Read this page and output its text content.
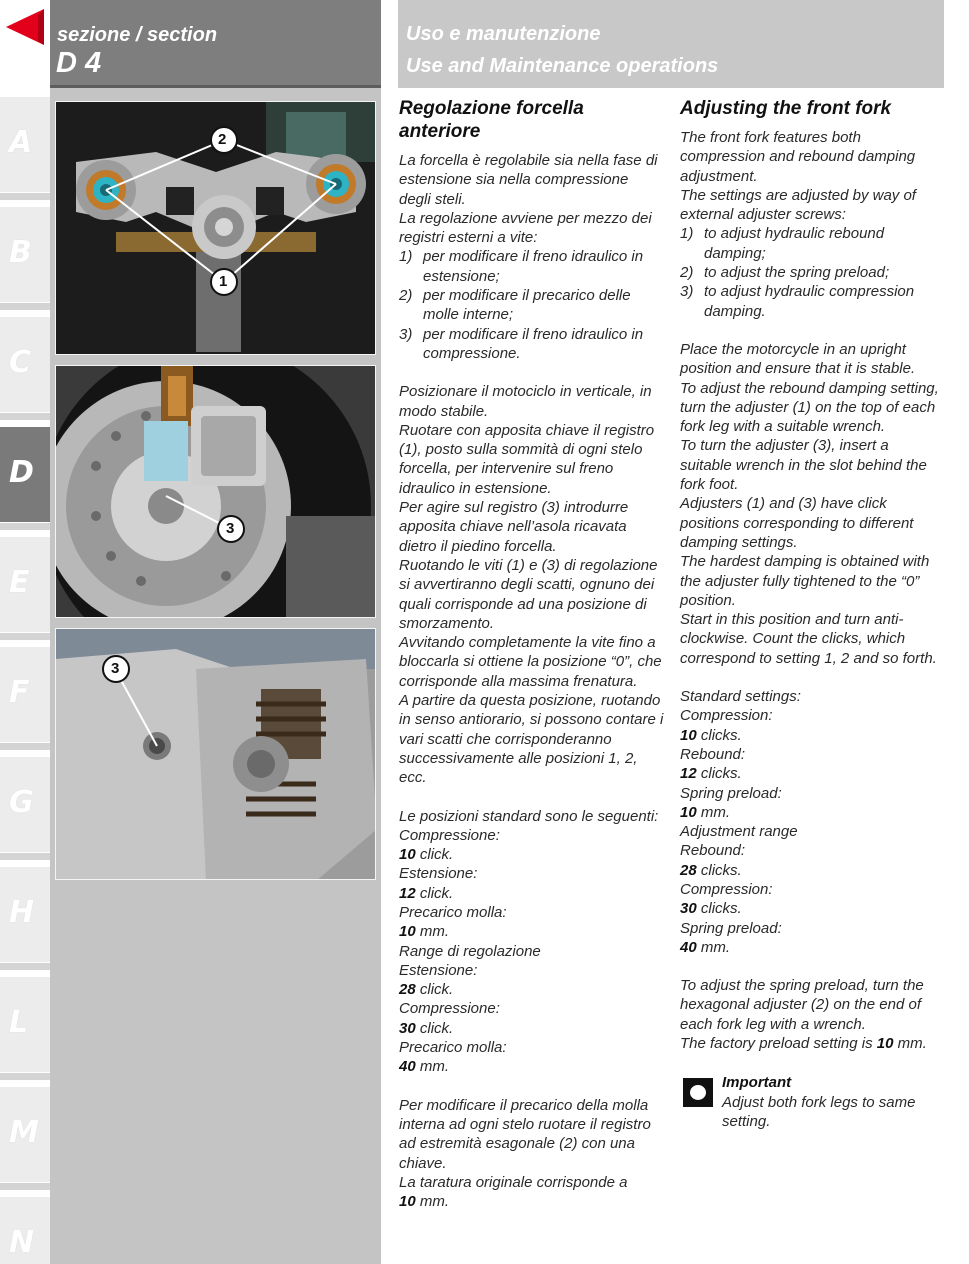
A
B
C
D
E
F
G
H
L
M
N
sezione / section
D 4
Uso e manutenzione
Use and Maintenance operations
2
1
3
3
Regolazione forcella anteriore
La forcella è regolabile sia nella fase di estensione sia nella compressione degli steli.
La regolazione avviene per mezzo dei registri esterni a vite:
1) per modificare il freno idraulico in estensione;
2) per modificare il precarico delle molle interne;
3) per modificare il freno idraulico in compressione.
Posizionare il motociclo in verticale, in modo stabile.
Ruotare con apposita chiave il registro (1), posto sulla sommità di ogni stelo forcella, per intervenire sul freno idraulico in estensione.
Per agire sul registro (3) introdurre apposita chiave nell’asola ricavata dietro il piedino forcella.
Ruotando le viti (1) e (3) di regolazione si avvertiranno degli scatti, ognuno dei quali corrisponde ad una posizione di smorzamento.
Avvitando completamente la vite fino a bloccarla si ottiene la posizione “0”, che corrisponde alla massima frenatura.
A partire da questa posizione, ruotando in senso antiorario, si possono contare i vari scatti che corrisponderanno successivamente alle posizioni 1, 2, ecc.
Le posizioni standard sono le seguenti:
Compressione:
10 click.
Estensione:
12 click.
Precarico molla:
10 mm.
Range di regolazione
Estensione:
28 click.
Compressione:
30 click.
Precarico molla:
40 mm.
Per modificare il precarico della molla interna ad ogni stelo ruotare il registro ad estremità esagonale (2) con una chiave.
La taratura originale corrisponde a
10 mm.
Adjusting the front fork
The front fork features both compression and rebound damping adjustment.
The settings are adjusted by way of external adjuster screws:
1) to adjust hydraulic rebound damping;
2) to adjust the spring preload;
3) to adjust hydraulic compression damping.
Place the motorcycle in an upright position and ensure that it is stable.
To adjust the rebound damping setting, turn the adjuster (1) on the top of each fork leg with a suitable wrench.
To turn the adjuster (3), insert a suitable wrench in the slot behind the fork foot.
Adjusters (1) and (3) have click positions corresponding to different damping settings.
The hardest damping is obtained with the adjuster fully tightened to the “0” position.
Start in this position and turn anti-clockwise. Count the clicks, which correspond to setting 1, 2 and so forth.
Standard settings:
Compression:
10 clicks.
Rebound:
12 clicks.
Spring preload:
10 mm.
Adjustment range
Rebound:
28 clicks.
Compression:
30 clicks.
Spring preload:
40 mm.
To adjust the spring preload, turn the hexagonal adjuster (2) on the end of each fork leg with a wrench.
The factory preload setting is 10 mm.
Important
Adjust both fork legs to same setting.
